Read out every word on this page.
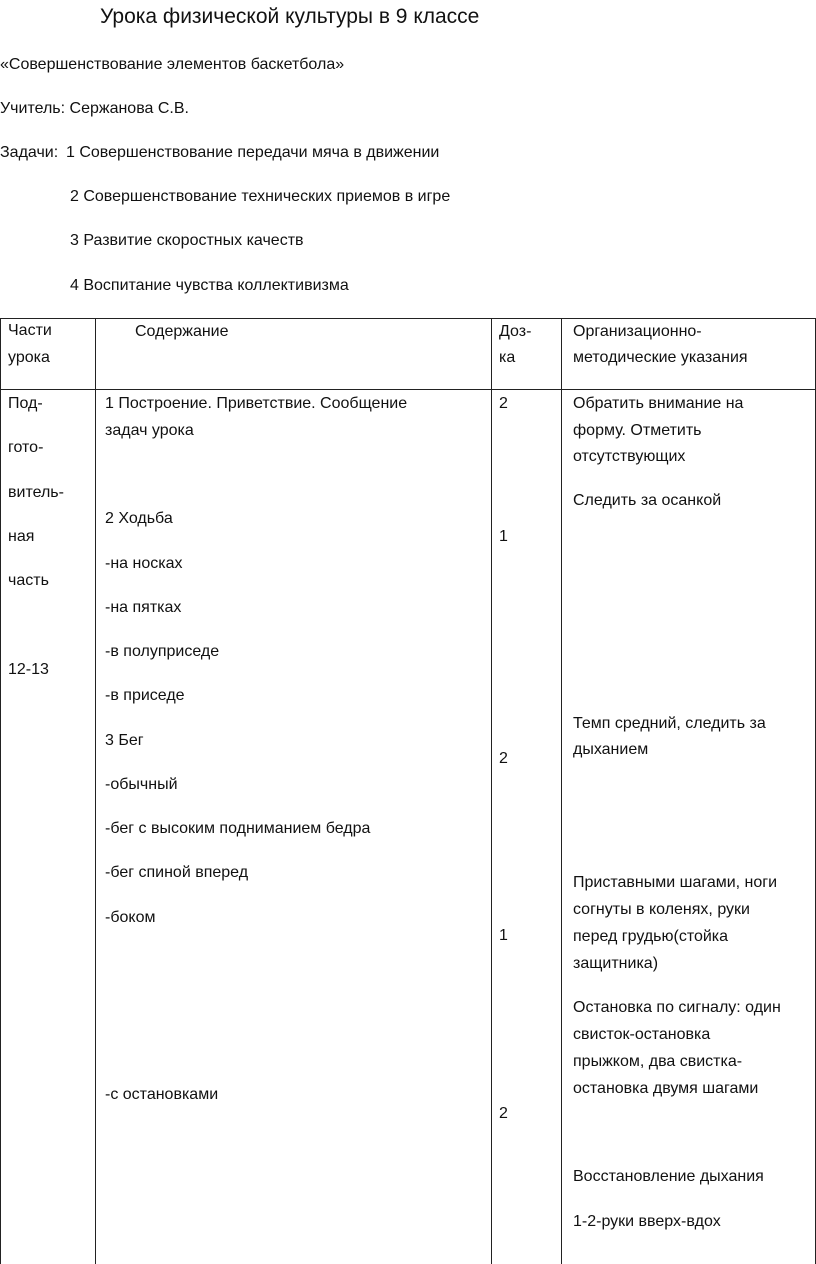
Урока физической культуры в 9 классе
«Совершенствование элементов баскетбола»
Учитель: Сержанова С.В.
Задачи: 1 Совершенствование передачи мяча в движении
2 Совершенствование технических приемов в игре
3 Развитие скоростных качеств
4 Воспитание чувства коллективизма
Части
урока
Содержание	Доз-
ка
Организационно-
методические указания
Под-
гото-
витель-
ная
часть
12-13
1 Построение. Приветствие. Сообщение
задач урока
2 Ходьба
-на носках
-на пятках
-в полуприседе
-в приседе
3 Бег
-обычный
-бег с высоким подниманием бедра
-бег спиной вперед
-боком
-с остановками
2
1
2
1
2
Обратить внимание на
форму. Отметить
отсутствующих
Следить за осанкой
Темп средний, следить за
дыханием
Приставными шагами, ноги
согнуты в коленях, руки
перед грудью(стойка
защитника)
Остановка по сигналу: один
свисток-остановка
прыжком, два свистка-
остановка двумя шагами
Восстановление дыхания
1-2-руки вверх-вдох
